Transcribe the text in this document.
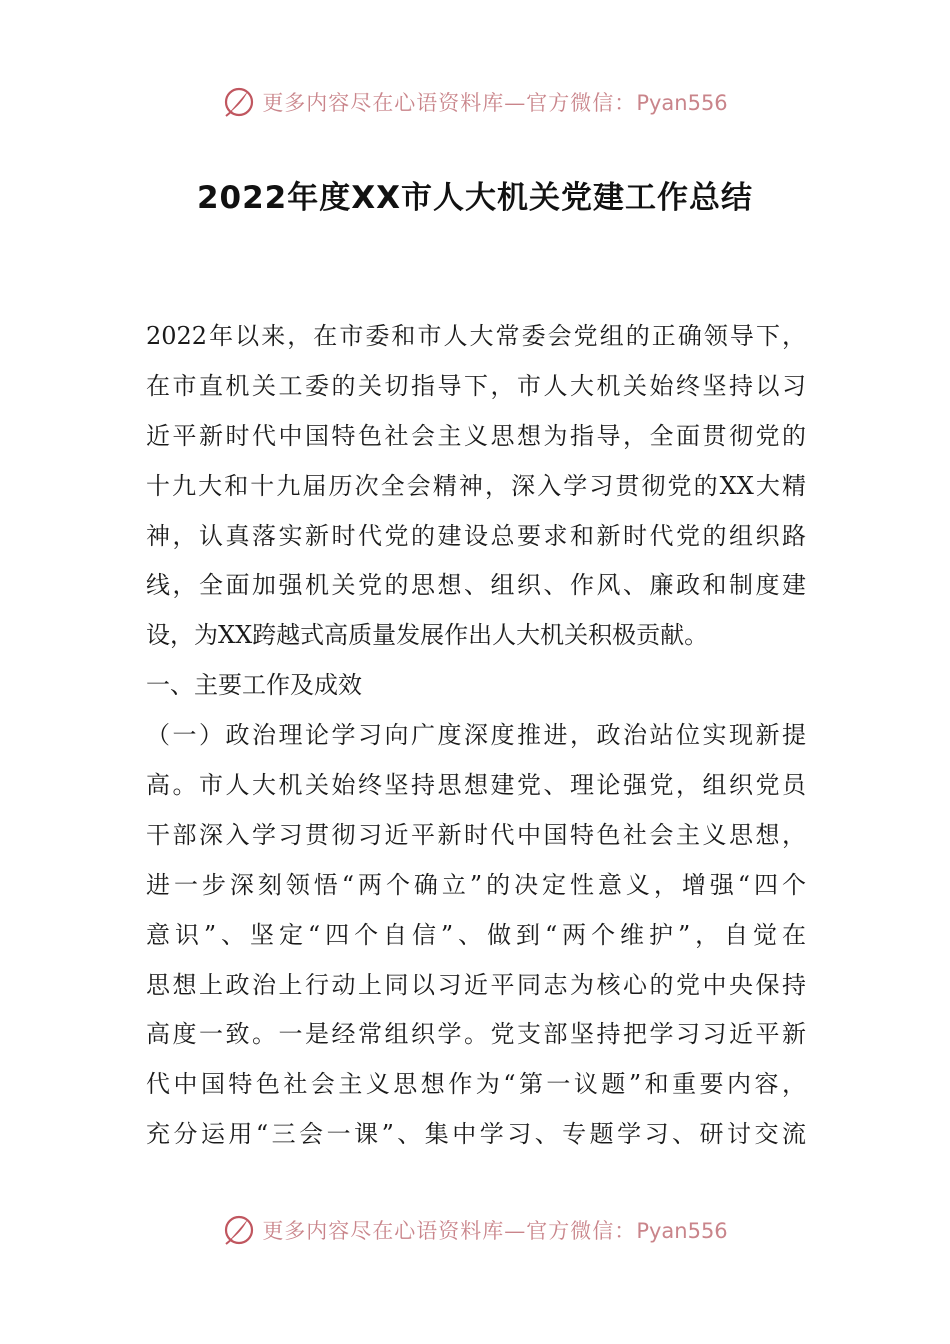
更多内容尽在心语资料库—官方微信：Pyan556
2022年度XX市人大机关党建工作总结
2022年以来，在市委和市人大常委会党组的正确领导下，
在市直机关工委的关切指导下，市人大机关始终坚持以习
近平新时代中国特色社会主义思想为指导，全面贯彻党的
十九大和十九届历次全会精神，深入学习贯彻党的XX大精
神，认真落实新时代党的建设总要求和新时代党的组织路
线，全面加强机关党的思想、组织、作风、廉政和制度建
设，为XX跨越式高质量发展作出人大机关积极贡献。
一、主要工作及成效
（一）政治理论学习向广度深度推进，政治站位实现新提
高。市人大机关始终坚持思想建党、理论强党，组织党员
干部深入学习贯彻习近平新时代中国特色社会主义思想，
进一步深刻领悟“两个确立”的决定性意义，增强“四个
意识”、坚定“四个自信”、做到“两个维护”，自觉在
思想上政治上行动上同以习近平同志为核心的党中央保持
高度一致。一是经常组织学。党支部坚持把学习习近平新
代中国特色社会主义思想作为“第一议题”和重要内容，
充分运用“三会一课”、集中学习、专题学习、研讨交流
更多内容尽在心语资料库—官方微信：Pyan556
